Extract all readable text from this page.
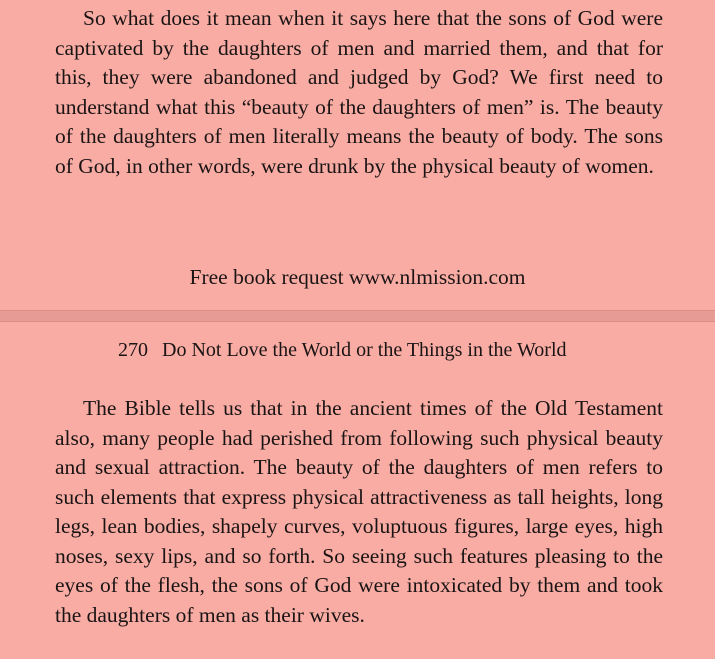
So what does it mean when it says here that the sons of God were captivated by the daughters of men and married them, and that for this, they were abandoned and judged by God? We first need to understand what this “beauty of the daughters of men” is. The beauty of the daughters of men literally means the beauty of body. The sons of God, in other words, were drunk by the physical beauty of women.

Free book request www.nlmission.com
270 Do Not Love the World or the Things in the World

The Bible tells us that in the ancient times of the Old Testament also, many people had perished from following such physical beauty and sexual attraction. The beauty of the daughters of men refers to such elements that express physical attractiveness as tall heights, long legs, lean bodies, shapely curves, voluptuous figures, large eyes, high noses, sexy lips, and so forth. So seeing such features pleasing to the eyes of the flesh, the sons of God were intoxicated by them and took the daughters of men as their wives.
